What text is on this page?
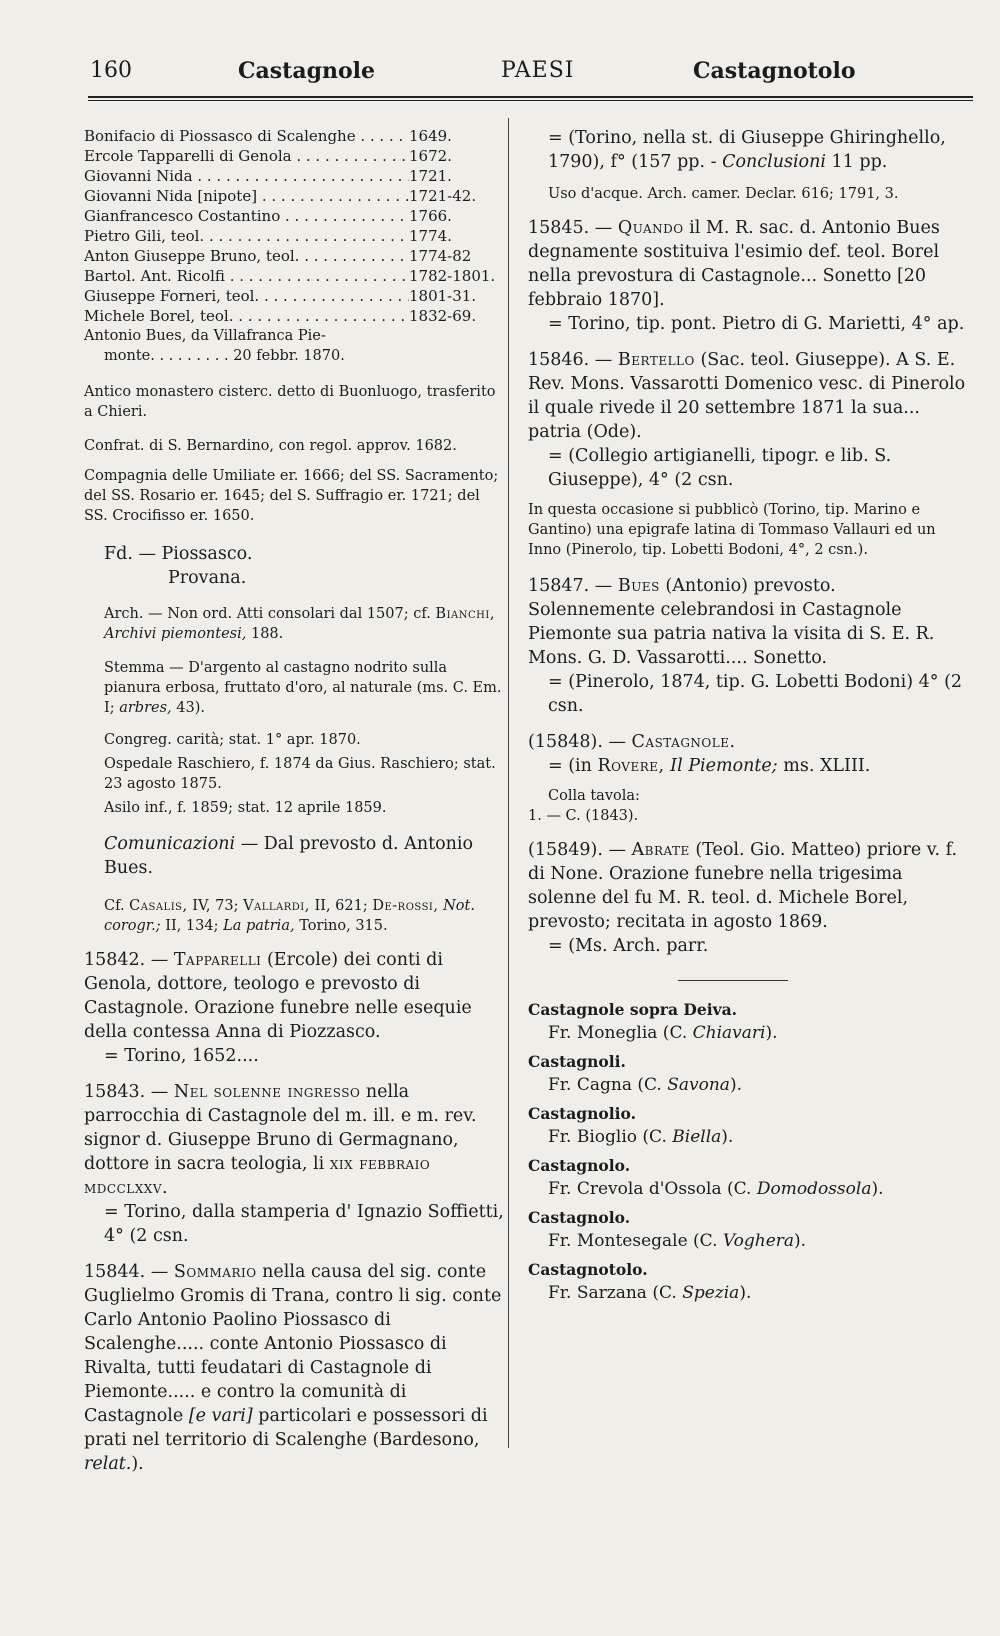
160	Castagnole	PAESI	Castagnotolo
Bonifacio di Piossasco di Scalenghe . . .	1649.
Ercole Tapparelli di Genola . . .	1672.
Giovanni Nida . . .	1721.
Giovanni Nida [nipote] . . .	1721-42.
Gianfrancesco Costantino . . .	1766.
Pietro Gili, teol. . . .	1774.
Anton Giuseppe Bruno, teol. . . .	1774-82
Bartol. Ant. Ricolfi . . .	1782-1801.
Giuseppe Forneri, teol. . . .	1801-31.
Michele Borel, teol. . . .	1832-69.

Antonio Bues, da Villafranca Pie-

monte. . . . . . . . . 20 febbr. 1870.

Antico monastero cisterc. detto di Buonluogo, trasferito a Chieri.

Confrat. di S. Bernardino, con regol. approv. 1682.

Compagnia delle Umiliate er. 1666; del SS. Sacramento; del SS. Rosario er. 1645; del S. Suffragio er. 1721; del SS. Crocifisso er. 1650.

Fd. — Piossasco.

Provana.

Arch. — Non ord. Atti consolari dal 1507; cf. Bianchi, Archivi piemontesi, 188.

Stemma — D'argento al castagno nodrito sulla pianura erbosa, fruttato d'oro, al naturale (ms. C. Em. I; arbres, 43).

Congreg. carità; stat. 1° apr. 1870.

Ospedale Raschiero, f. 1874 da Gius. Raschiero; stat. 23 agosto 1875.

Asilo inf., f. 1859; stat. 12 aprile 1859.

Comunicazioni — Dal prevosto d. Antonio Bues.

Cf. Casalis, IV, 73; Vallardi, II, 621; De-rossi, Not. corogr.; II, 134; La patria, Torino, 315.

15842. — Tapparelli (Ercole) dei conti di Genola, dottore, teologo e prevosto di Castagnole. Orazione funebre nelle esequie della contessa Anna di Piozzasco.

= Torino, 1652....

15843. — Nel solenne ingresso nella parrocchia di Castagnole del m. ill. e m. rev. signor d. Giuseppe Bruno di Germagnano, dottore in sacra teologia, li xix febbraio mdcclxxv.

= Torino, dalla stamperia d' Ignazio Soffietti, 4° (2 csn.

15844. — Sommario nella causa del sig. conte Guglielmo Gromis di Trana, contro li sig. conte Carlo Antonio Paolino Piossasco di Scalenghe..... conte Antonio Piossasco di Rivalta, tutti feudatari di Castagnole di Piemonte..... e contro la comunità di Castagnole [e vari] particolari e possessori di prati nel territorio di Scalenghe (Bardesono, relat.).

= (Torino, nella st. di Giuseppe Ghiringhello, 1790), f° (157 pp. - Conclusioni 11 pp.

Uso d'acque. Arch. camer. Declar. 616; 1791, 3.

15845. — Quando il M. R. sac. d. Antonio Bues degnamente sostituiva l'esimio def. teol. Borel nella prevostura di Castagnole... Sonetto [20 febbraio 1870].

= Torino, tip. pont. Pietro di G. Marietti, 4° ap.

15846. — Bertello (Sac. teol. Giuseppe). A S. E. Rev. Mons. Vassarotti Domenico vesc. di Pinerolo il quale rivede il 20 settembre 1871 la sua... patria (Ode).

= (Collegio artigianelli, tipogr. e lib. S. Giuseppe), 4° (2 csn.

In questa occasione si pubblicò (Torino, tip. Marino e Gantino) una epigrafe latina di Tommaso Vallauri ed un Inno (Pinerolo, tip. Lobetti Bodoni, 4°, 2 csn.).

15847. — Bues (Antonio) prevosto. Solennemente celebrandosi in Castagnole Piemonte sua patria nativa la visita di S. E. R. Mons. G. D. Vassarotti.... Sonetto.

= (Pinerolo, 1874, tip. G. Lobetti Bodoni) 4° (2 csn.

(15848). — Castagnole.

= (in Rovere, Il Piemonte; ms. XLIII.

Colla tavola:

1. — C. (1843).

(15849). — Abrate (Teol. Gio. Matteo) priore v. f. di None. Orazione funebre nella trigesima solenne del fu M. R. teol. d. Michele Borel, prevosto; recitata in agosto 1869.

= (Ms. Arch. parr.

Castagnole sopra Deiva.

Fr. Moneglia (C. Chiavari).

Castagnoli.

Fr. Cagna (C. Savona).

Castagnolio.

Fr. Bioglio (C. Biella).

Castagnolo.

Fr. Crevola d'Ossola (C. Domodossola).

Castagnolo.

Fr. Montesegale (C. Voghera).

Castagnotolo.

Fr. Sarzana (C. Spezia).
